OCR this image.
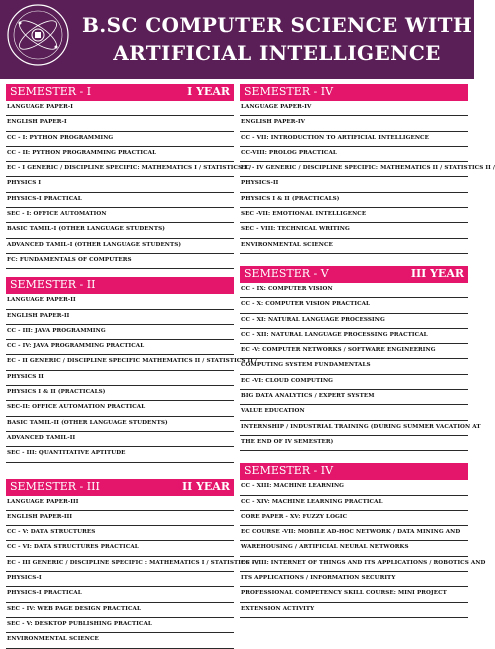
B.SC COMPUTER SCIENCE WITH
ARTIFICIAL INTELLIGENCE
SEMESTER - I	I YEAR
LANGUAGE PAPER-I
ENGLISH PAPER-I
CC - I: PYTHON PROGRAMMING
CC - II: PYTHON PROGRAMMING PRACTICAL
EC - I GENERIC / DISCIPLINE SPECIFIC: MATHEMATICS I / STATISTICS I /
PHYSICS I
PHYSICS-I PRACTICAL
SEC - I: OFFICE AUTOMATION
BASIC TAMIL-I (OTHER LANGUAGE STUDENTS)
ADVANCED TAMIL-I (OTHER LANGUAGE STUDENTS)
FC: FUNDAMENTALS OF COMPUTERS
SEMESTER - II
LANGUAGE PAPER-II
ENGLISH PAPER-II
CC - III: JAVA PROGRAMMING
CC - IV: JAVA PROGRAMMING PRACTICAL
EC - II GENERIC / DISCIPLINE SPECIFIC MATHEMATICS II / STATISTICS II /
PHYSICS II
PHYSICS I & II (PRACTICALS)
SEC-II: OFFICE AUTOMATION PRACTICAL
BASIC TAMIL-II (OTHER LANGUAGE STUDENTS)
ADVANCED TAMIL-II
SEC - III: QUANTITATIVE APTITUDE
SEMESTER - III	II YEAR
LANGUAGE PAPER-III
ENGLISH PAPER-III
CC - V: DATA STRUCTURES
CC - VI: DATA STRUCTURES PRACTICAL
EC - III GENERIC / DISCIPLINE SPECIFIC : MATHEMATICS I / STATISTICS I /
PHYSICS-I
PHYSICS-I PRACTICAL
SEC - IV: WEB PAGE DESIGN PRACTICAL
SEC - V: DESKTOP PUBLISHING PRACTICAL
ENVIRONMENTAL SCIENCE
SEMESTER - IV
LANGUAGE PAPER-IV
ENGLISH PAPER-IV
CC - VII: INTRODUCTION TO ARTIFICIAL INTELLIGENCE
CC-VIII: PROLOG PRACTICAL
EC - IV GENERIC / DISCIPLINE SPECIFIC: MATHEMATICS II / STATISTICS II /
PHYSICS-II
PHYSICS I & II (PRACTICALS)
SEC -VII: EMOTIONAL INTELLIGENCE
SEC - VIII: TECHNICAL WRITING
ENVIRONMENTAL SCIENCE
SEMESTER - V	III YEAR
CC - IX: COMPUTER VISION
CC - X: COMPUTER VISION PRACTICAL
CC - XI: NATURAL LANGUAGE PROCESSING
CC - XII: NATURAL LANGUAGE PROCESSING PRACTICAL
EC -V: COMPUTER NETWORKS / SOFTWARE ENGINEERING
COMPUTING SYSTEM FUNDAMENTALS
EC -VI: CLOUD COMPUTING
BIG DATA ANALYTICS / EXPERT SYSTEM
VALUE EDUCATION
INTERNSHIP / INDUSTRIAL TRAINING (DURING SUMMER VACATION AT
THE END OF IV SEMESTER)
SEMESTER - IV
CC - XIII: MACHINE LEARNING
CC - XIV: MACHINE LEARNING PRACTICAL
CORE PAPER - XV: FUZZY LOGIC
EC COURSE -VII: MOBILE AD-HOC NETWORK / DATA MINING AND
WAREHOUSING / ARTIFICIAL NEURAL NETWORKS
EC -VIII: INTERNET OF THINGS AND ITS APPLICATIONS / ROBOTICS AND
ITS APPLICATIONS / INFORMATION SECURITY
PROFESSIONAL COMPETENCY SKILL COURSE: MINI PROJECT
EXTENSION ACTIVITY
